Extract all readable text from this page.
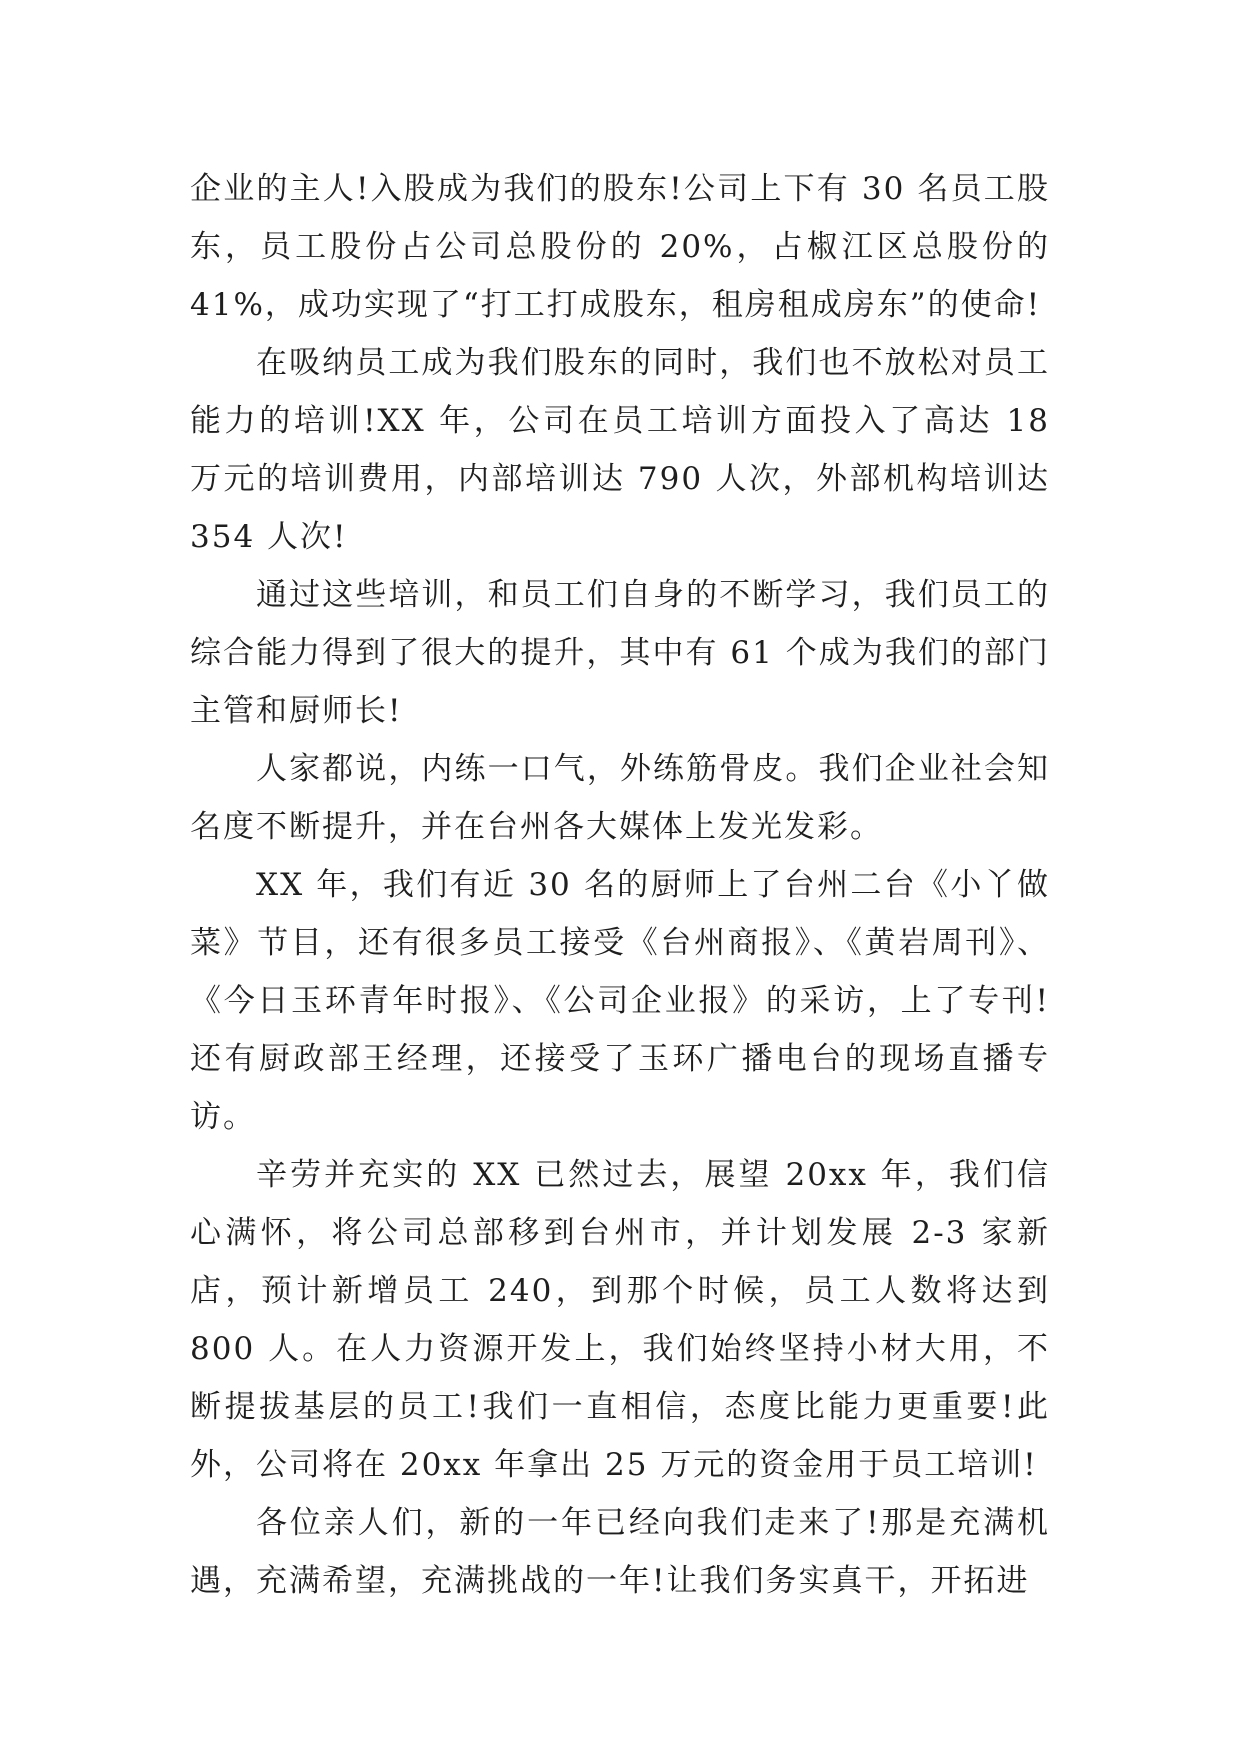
企业的主人!入股成为我们的股东!公司上下有 30 名员工股东，员工股份占公司总股份的 20%，占椒江区总股份的 41%，成功实现了“打工打成股东，租房租成房东”的使命!

在吸纳员工成为我们股东的同时，我们也不放松对员工能力的培训!XX 年，公司在员工培训方面投入了高达 18 万元的培训费用，内部培训达 790 人次，外部机构培训达 354 人次!

通过这些培训，和员工们自身的不断学习，我们员工的综合能力得到了很大的提升，其中有 61 个成为我们的部门主管和厨师长!

人家都说，内练一口气，外练筋骨皮。我们企业社会知名度不断提升，并在台州各大媒体上发光发彩。

XX 年，我们有近 30 名的厨师上了台州二台《小丫做菜》节目，还有很多员工接受《台州商报》、《黄岩周刊》、《今日玉环青年时报》、《公司企业报》的采访，上了专刊!还有厨政部王经理，还接受了玉环广播电台的现场直播专访。

辛劳并充实的 XX 已然过去，展望 20xx 年，我们信心满怀，将公司总部移到台州市，并计划发展 2-3 家新店，预计新增员工 240，到那个时候，员工人数将达到 800 人。在人力资源开发上，我们始终坚持小材大用，不断提拔基层的员工!我们一直相信，态度比能力更重要!此外，公司将在 20xx 年拿出 25 万元的资金用于员工培训!

各位亲人们，新的一年已经向我们走来了!那是充满机遇，充满希望，充满挑战的一年!让我们务实真干，开拓进
